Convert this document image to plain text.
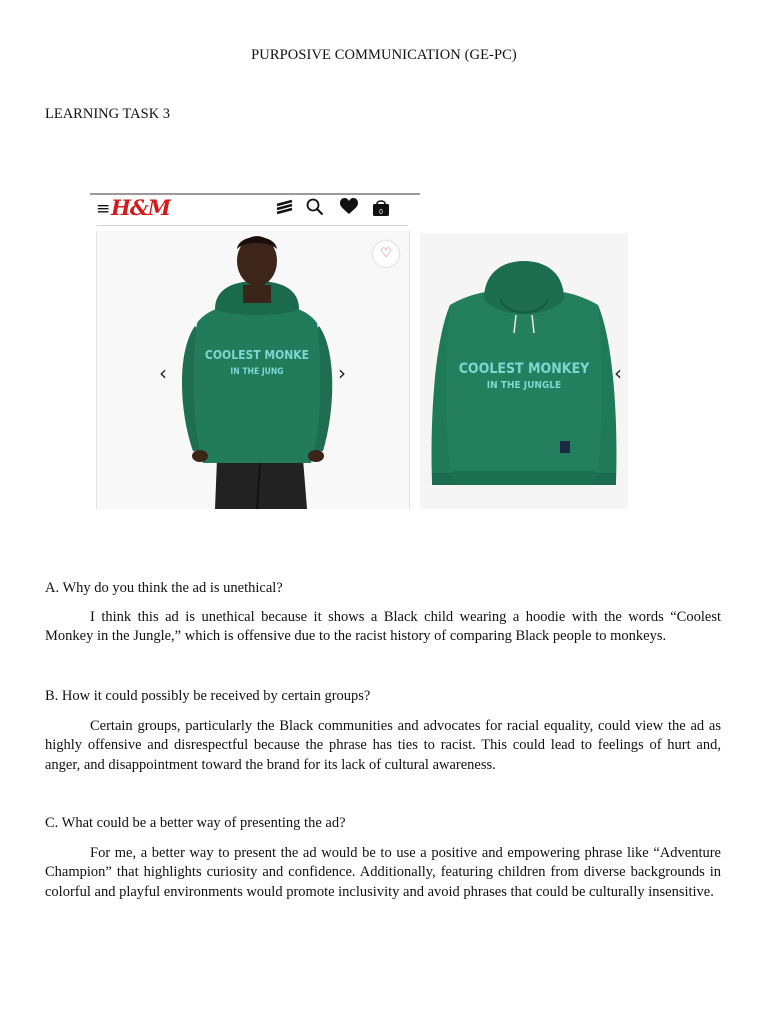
PURPOSIVE COMMUNICATION (GE-PC)
LEARNING TASK 3
≡ H&M	0
COOLEST MONKE
IN THE JUNG
♡
‹	›	COOLEST MONKEY
IN THE JUNGLE
‹
A. Why do you think the ad is unethical?
I think this ad is unethical because it shows a Black child wearing a hoodie with the words “Coolest Monkey in the Jungle,” which is offensive due to the racist history of comparing Black people to monkeys.
B. How it could possibly be received by certain groups?
Certain groups, particularly the Black communities and advocates for racial equality, could view the ad as highly offensive and disrespectful because the phrase has ties to racist. This could lead to feelings of hurt and, anger, and disappointment toward the brand for its lack of cultural awareness.
C. What could be a better way of presenting the ad?
For me, a better way to present the ad would be to use a positive and empowering phrase like “Adventure Champion” that highlights curiosity and confidence. Additionally, featuring children from diverse backgrounds in colorful and playful environments would promote inclusivity and avoid phrases that could be culturally insensitive.
